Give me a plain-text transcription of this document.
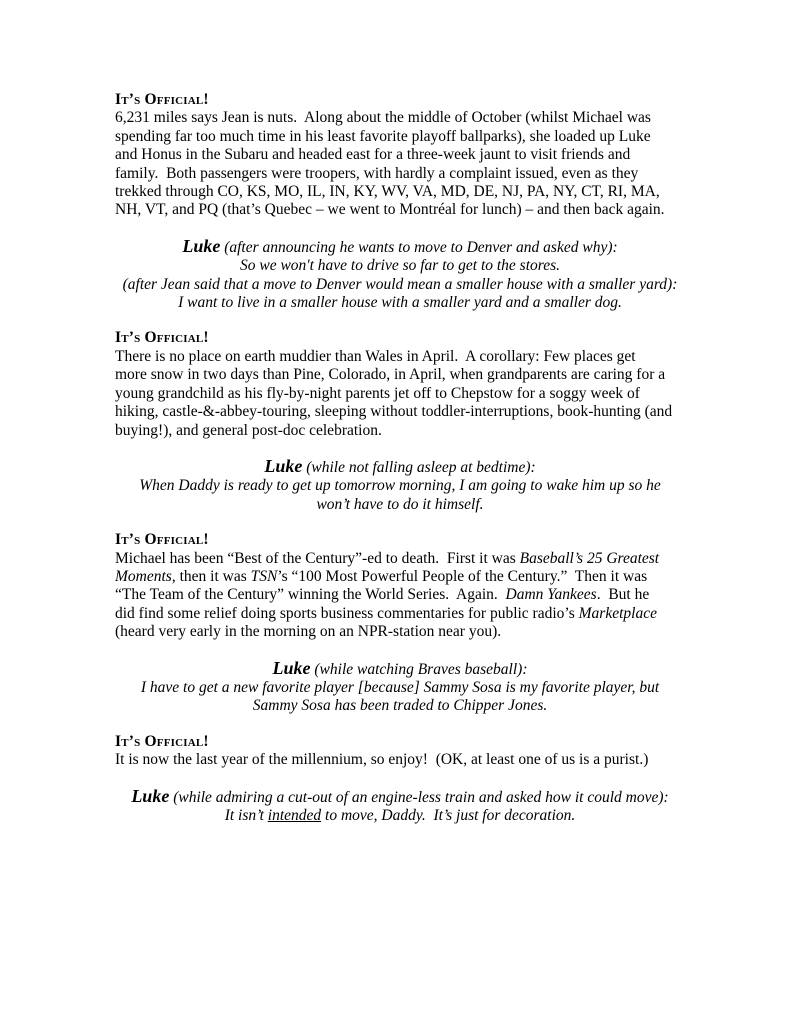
It’s Official!
6,231 miles says Jean is nuts.  Along about the middle of October (whilst Michael was
spending far too much time in his least favorite playoff ballparks), she loaded up Luke
and Honus in the Subaru and headed east for a three-week jaunt to visit friends and
family.  Both passengers were troopers, with hardly a complaint issued, even as they
trekked through CO, KS, MO, IL, IN, KY, WV, VA, MD, DE, NJ, PA, NY, CT, RI, MA,
NH, VT, and PQ (that’s Quebec – we went to Montréal for lunch) – and then back again.
Luke (after announcing he wants to move to Denver and asked why):
So we won't have to drive so far to get to the stores.
(after Jean said that a move to Denver would mean a smaller house with a smaller yard):
I want to live in a smaller house with a smaller yard and a smaller dog.
It’s Official!
There is no place on earth muddier than Wales in April.  A corollary: Few places get
more snow in two days than Pine, Colorado, in April, when grandparents are caring for a
young grandchild as his fly-by-night parents jet off to Chepstow for a soggy week of
hiking, castle-&-abbey-touring, sleeping without toddler-interruptions, book-hunting (and
buying!), and general post-doc celebration.
Luke (while not falling asleep at bedtime):
When Daddy is ready to get up tomorrow morning, I am going to wake him up so he
won’t have to do it himself.
It’s Official!
Michael has been “Best of the Century”-ed to death.  First it was Baseball’s 25 Greatest
Moments, then it was TSN’s “100 Most Powerful People of the Century.”  Then it was
“The Team of the Century” winning the World Series.  Again.  Damn Yankees.  But he
did find some relief doing sports business commentaries for public radio’s Marketplace
(heard very early in the morning on an NPR-station near you).
Luke (while watching Braves baseball):
I have to get a new favorite player [because] Sammy Sosa is my favorite player, but
Sammy Sosa has been traded to Chipper Jones.
It’s Official!
It is now the last year of the millennium, so enjoy!  (OK, at least one of us is a purist.)
Luke (while admiring a cut-out of an engine-less train and asked how it could move):
It isn’t intended to move, Daddy.  It’s just for decoration.
